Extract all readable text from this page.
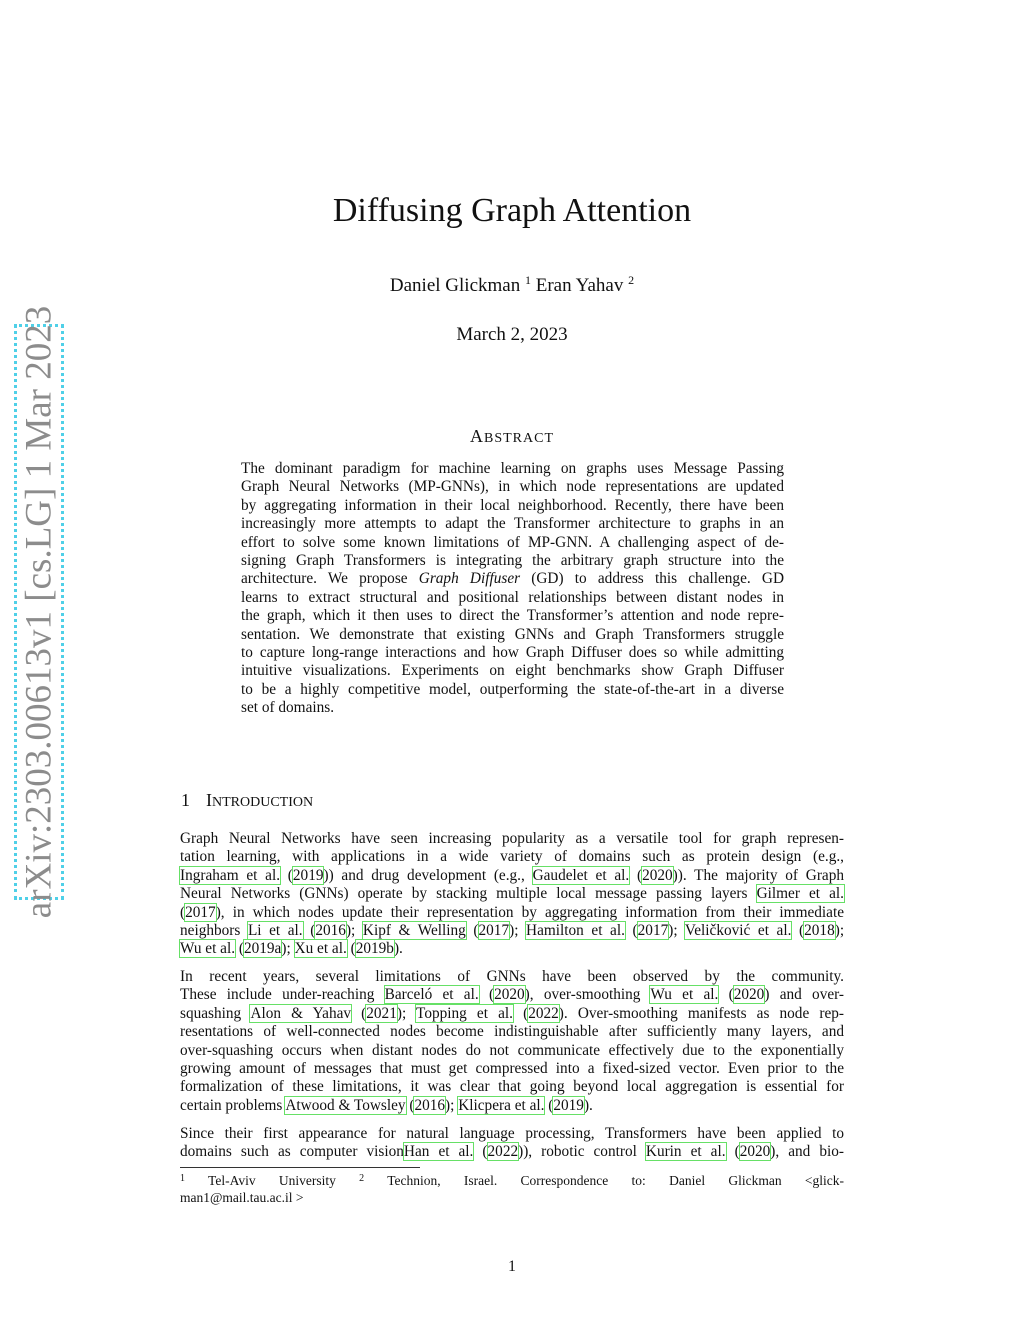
arXiv:2303.00613v1 [cs.LG] 1 Mar 2023
Diffusing Graph Attention
Daniel Glickman $^1$ Eran Yahav $^2$
March 2, 2023
ABSTRACT
The dominant paradigm for machine learning on graphs uses Message Passing
Graph Neural Networks (MP-GNNs), in which node representations are updated
by aggregating information in their local neighborhood. Recently, there have been
increasingly more attempts to adapt the Transformer architecture to graphs in an
effort to solve some known limitations of MP-GNN. A challenging aspect of de-
signing Graph Transformers is integrating the arbitrary graph structure into the
architecture. We propose Graph Diffuser (GD) to address this challenge. GD
learns to extract structural and positional relationships between distant nodes in
the graph, which it then uses to direct the Transformer’s attention and node repre-
sentation. We demonstrate that existing GNNs and Graph Transformers struggle
to capture long-range interactions and how Graph Diffuser does so while admitting
intuitive visualizations. Experiments on eight benchmarks show Graph Diffuser
to be a highly competitive model, outperforming the state-of-the-art in a diverse
set of domains.
1 INTRODUCTION
Graph Neural Networks have seen increasing popularity as a versatile tool for graph represen-
tation learning, with applications in a wide variety of domains such as protein design (e.g.,
Ingraham et al. (2019)) and drug development (e.g., Gaudelet et al. (2020)). The majority of Graph
Neural Networks (GNNs) operate by stacking multiple local message passing layers Gilmer et al.
(2017), in which nodes update their representation by aggregating information from their immediate
neighbors Li et al. (2016); Kipf & Welling (2017); Hamilton et al. (2017); Veličković et al. (2018);
Wu et al. (2019a); Xu et al. (2019b).
In recent years, several limitations of GNNs have been observed by the community.
These include under-reaching Barceló et al. (2020), over-smoothing Wu et al. (2020) and over-
squashing Alon & Yahav (2021); Topping et al. (2022). Over-smoothing manifests as node rep-
resentations of well-connected nodes become indistinguishable after sufficiently many layers, and
over-squashing occurs when distant nodes do not communicate effectively due to the exponentially
growing amount of messages that must get compressed into a fixed-sized vector. Even prior to the
formalization of these limitations, it was clear that going beyond local aggregation is essential for
certain problems Atwood & Towsley (2016); Klicpera et al. (2019).
Since their first appearance for natural language processing, Transformers have been applied to
domains such as computer visionHan et al. (2022)), robotic control Kurin et al. (2020), and bio-
$^1$ Tel-Aviv University $^2$ Technion, Israel. Correspondence to: Daniel Glickman <glick-
man1@mail.tau.ac.il >
1
